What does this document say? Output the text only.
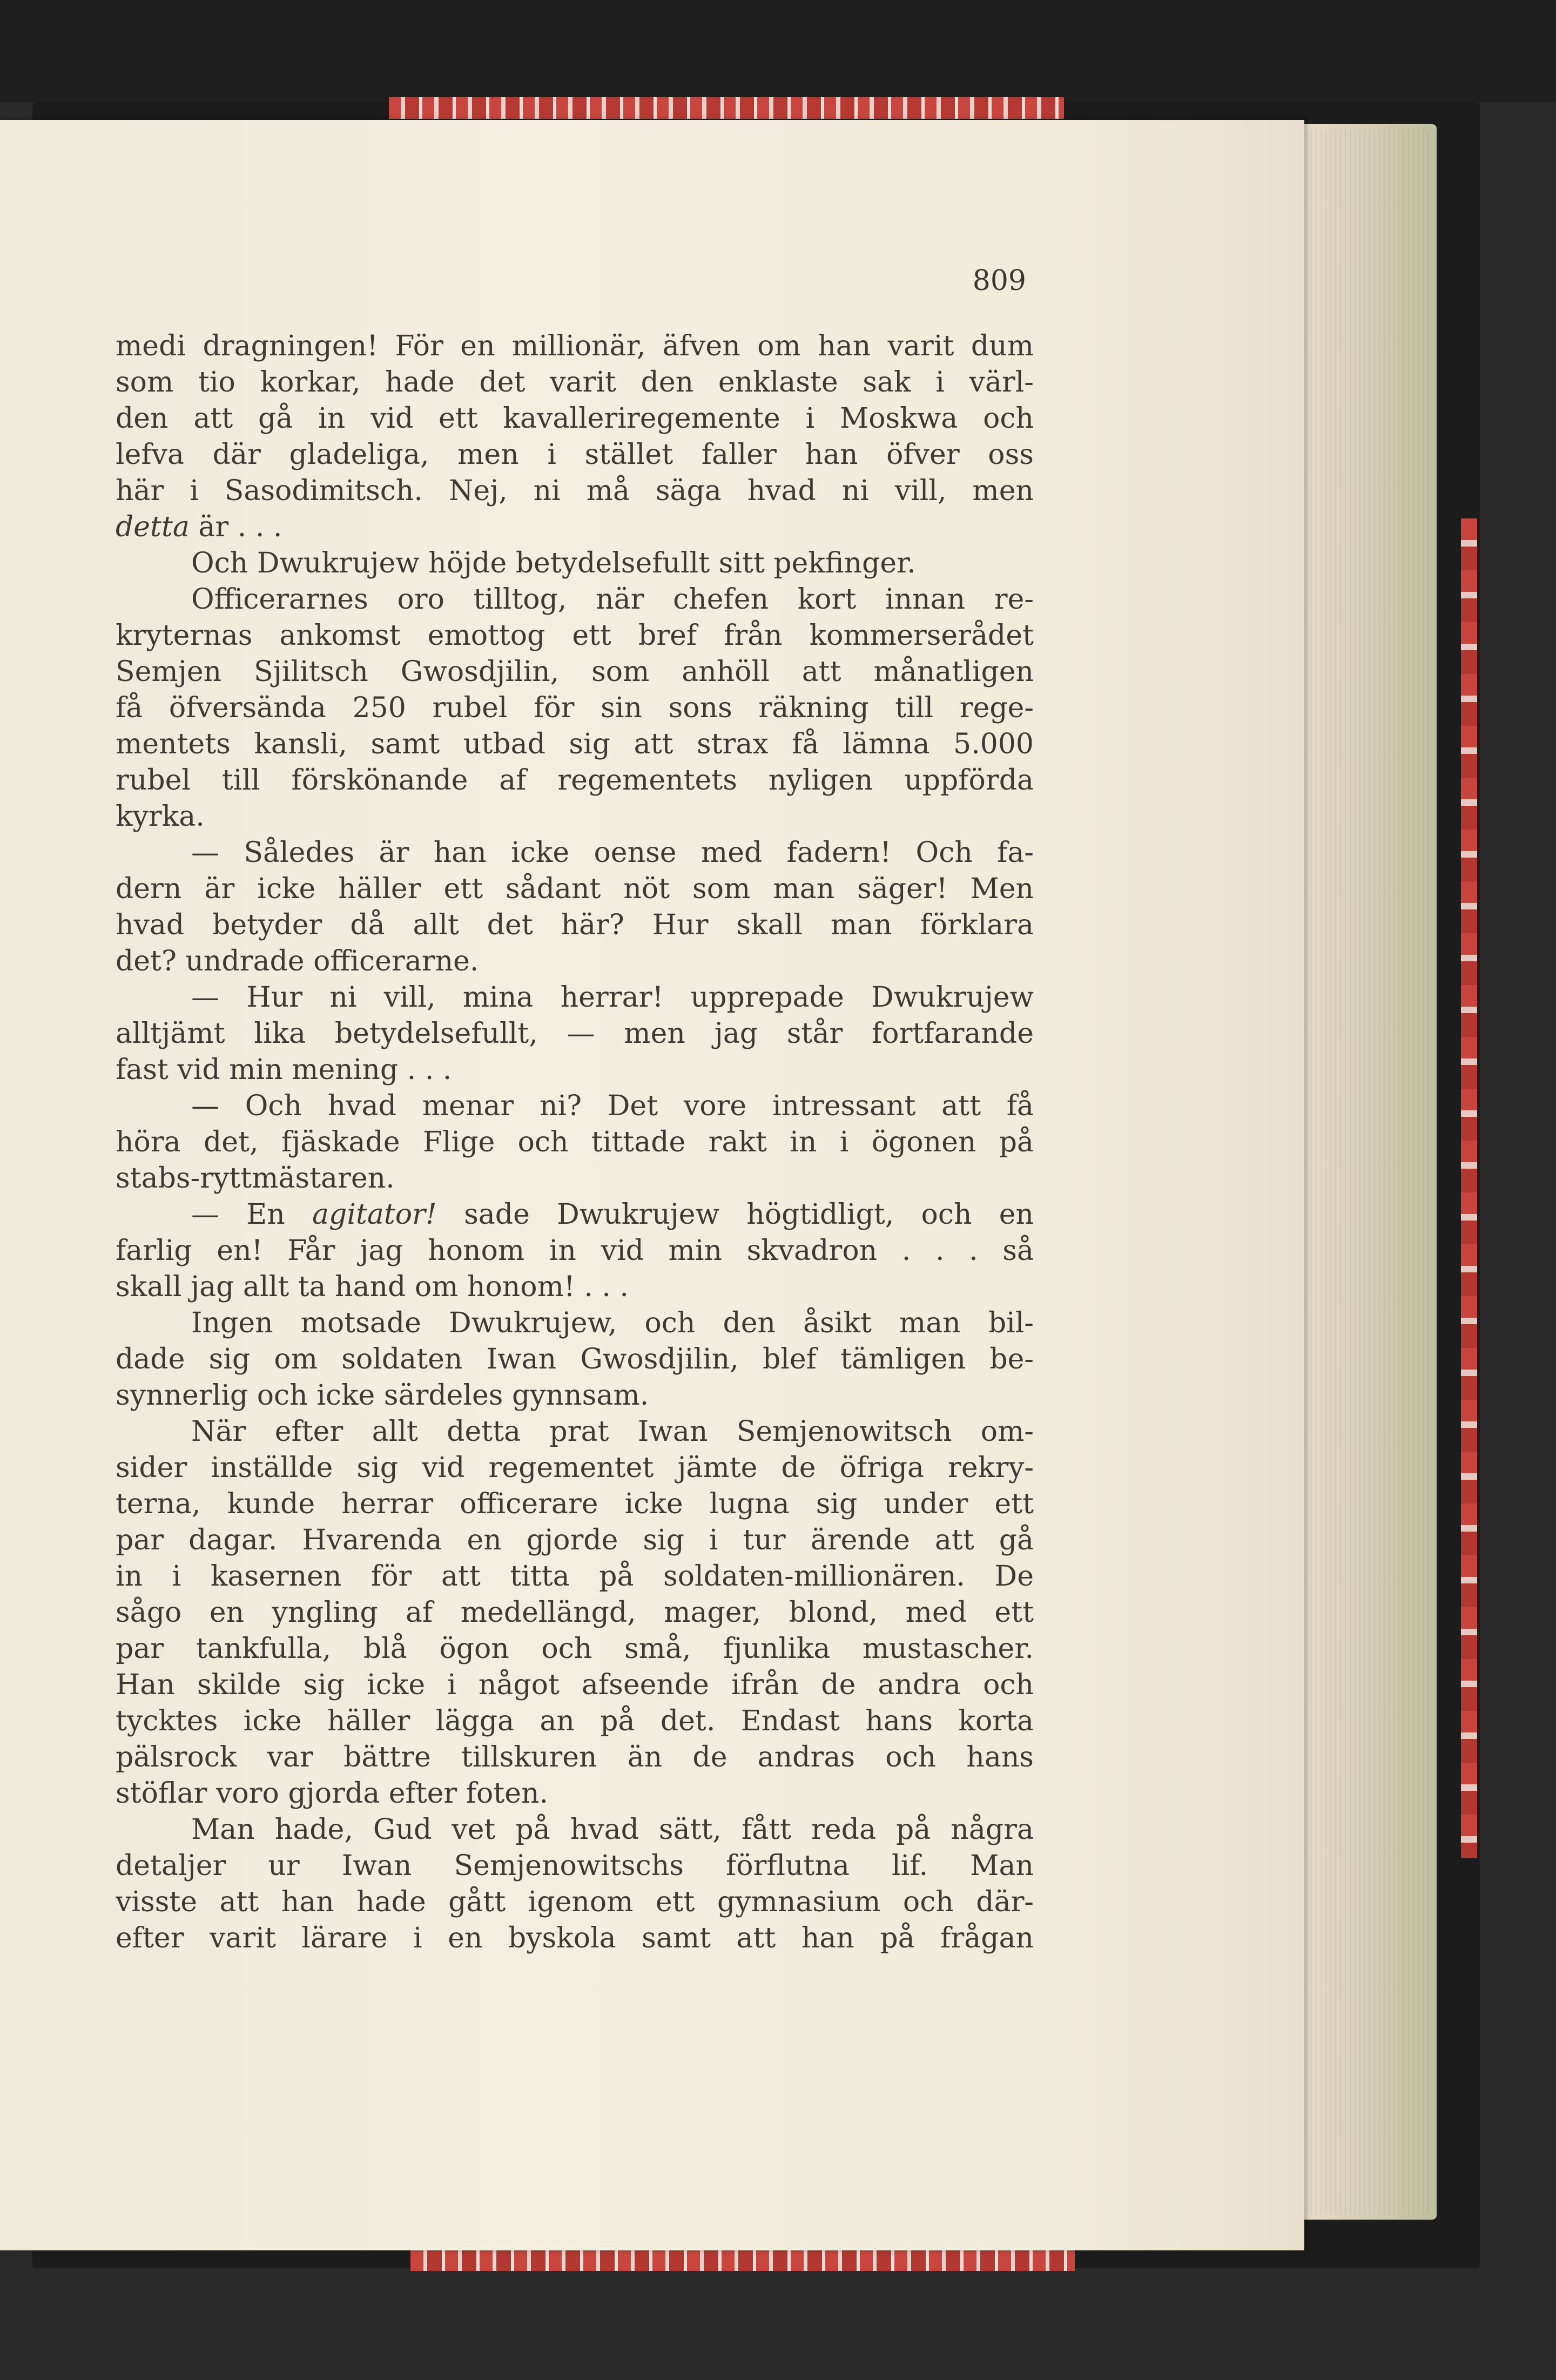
809
medi dragningen! För en millionär, äfven om han varit dum
som tio korkar, hade det varit den enklaste sak i värl-
den att gå in vid ett kavalleriregemente i Moskwa och
lefva där gladeliga, men i stället faller han öfver oss
här i Sasodimitsch. Nej, ni må säga hvad ni vill, men
detta är . . .
Och Dwukrujew höjde betydelsefullt sitt pekfinger.
Officerarnes oro tilltog, när chefen kort innan re-
kryternas ankomst emottog ett bref från kommerserådet
Semjen Sjilitsch Gwosdjilin, som anhöll att månatligen
få öfversända 250 rubel för sin sons räkning till rege-
mentets kansli, samt utbad sig att strax få lämna 5.000
rubel till förskönande af regementets nyligen uppförda
kyrka.
— Således är han icke oense med fadern! Och fa-
dern är icke häller ett sådant nöt som man säger! Men
hvad betyder då allt det här? Hur skall man förklara
det? undrade officerarne.
— Hur ni vill, mina herrar! upprepade Dwukrujew
alltjämt lika betydelsefullt, — men jag står fortfarande
fast vid min mening . . .
— Och hvad menar ni? Det vore intressant att få
höra det, fjäskade Flige och tittade rakt in i ögonen på
stabs-ryttmästaren.
— En agitator! sade Dwukrujew högtidligt, och en
farlig en! Får jag honom in vid min skvadron . . . så
skall jag allt ta hand om honom! . . .
Ingen motsade Dwukrujew, och den åsikt man bil-
dade sig om soldaten Iwan Gwosdjilin, blef tämligen be-
synnerlig och icke särdeles gynnsam.
När efter allt detta prat Iwan Semjenowitsch om-
sider inställde sig vid regementet jämte de öfriga rekry-
terna, kunde herrar officerare icke lugna sig under ett
par dagar. Hvarenda en gjorde sig i tur ärende att gå
in i kasernen för att titta på soldaten-millionären. De
sågo en yngling af medellängd, mager, blond, med ett
par tankfulla, blå ögon och små, fjunlika mustascher.
Han skilde sig icke i något afseende ifrån de andra och
tycktes icke häller lägga an på det. Endast hans korta
pälsrock var bättre tillskuren än de andras och hans
stöflar voro gjorda efter foten.
Man hade, Gud vet på hvad sätt, fått reda på några
detaljer ur Iwan Semjenowitschs förflutna lif. Man
visste att han hade gått igenom ett gymnasium och där-
efter varit lärare i en byskola samt att han på frågan
